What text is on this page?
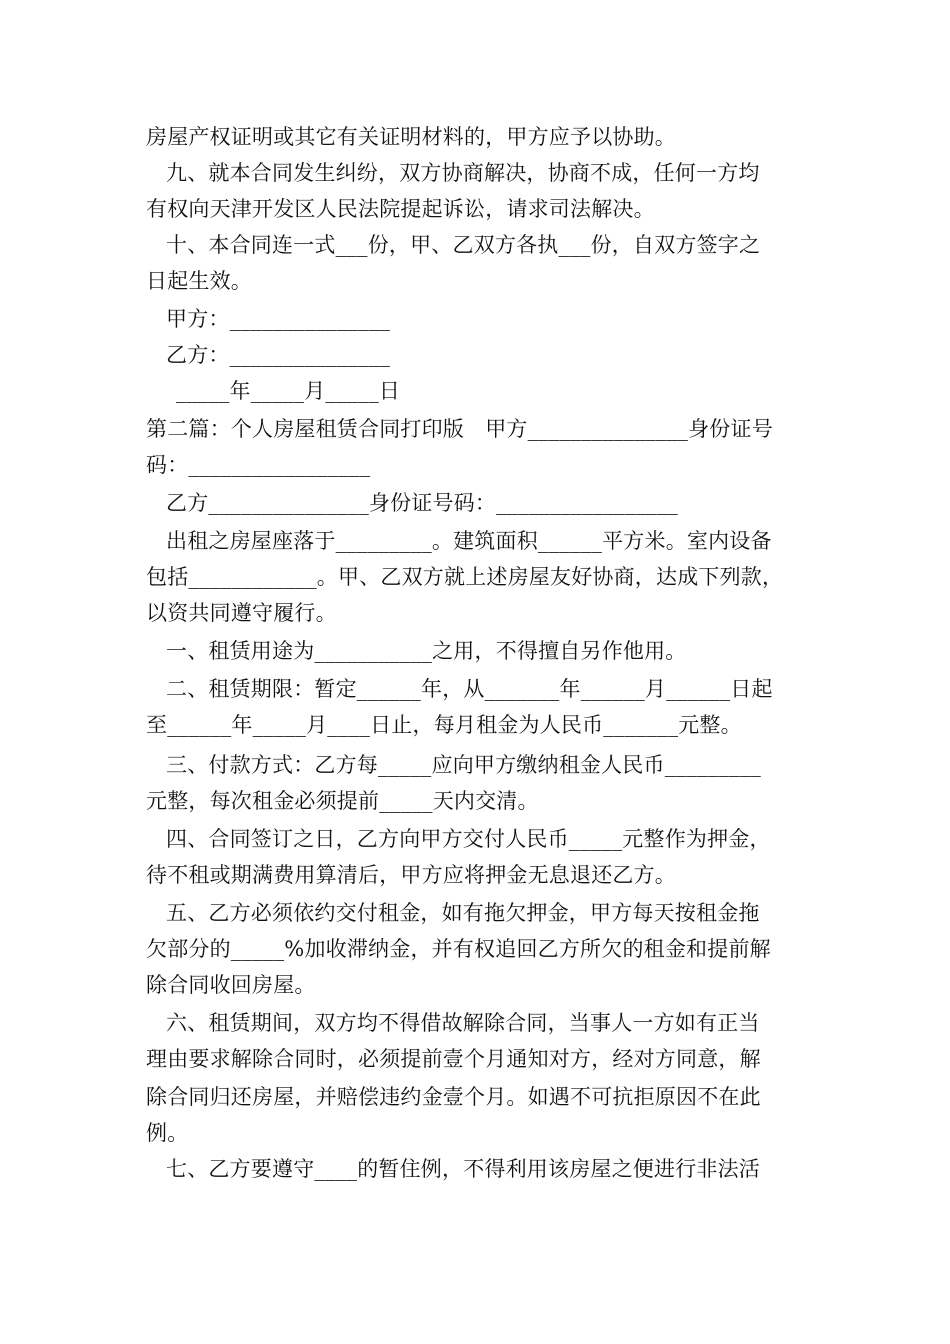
房屋产权证明或其它有关证明材料的，甲方应予以协助。

九、就本合同发生纠纷，双方协商解决，协商不成，任何一方均

有权向天津开发区人民法院提起诉讼，请求司法解决。

十、本合同连一式___份，甲、乙双方各执___份，自双方签字之

日起生效。

甲方：_______________

乙方：_______________

_____年_____月_____日

第二篇：个人房屋租赁合同打印版　甲方_______________身份证号

码：_________________

乙方_______________身份证号码：_________________

出租之房屋座落于_________。建筑面积______平方米。室内设备

包括____________。甲、乙双方就上述房屋友好协商，达成下列款，

以资共同遵守履行。

一、租赁用途为___________之用，不得擅自另作他用。

二、租赁期限：暂定______年，从_______年______月______日起

至______年_____月____日止，每月租金为人民币_______元整。

三、付款方式：乙方每_____应向甲方缴纳租金人民币_________

元整，每次租金必须提前_____天内交清。

四、合同签订之日，乙方向甲方交付人民币_____元整作为押金，

待不租或期满费用算清后，甲方应将押金无息退还乙方。

五、乙方必须依约交付租金，如有拖欠押金，甲方每天按租金拖

欠部分的_____%加收滞纳金，并有权追回乙方所欠的租金和提前解

除合同收回房屋。

六、租赁期间，双方均不得借故解除合同，当事人一方如有正当

理由要求解除合同时，必须提前壹个月通知对方，经对方同意，解

除合同归还房屋，并赔偿违约金壹个月。如遇不可抗拒原因不在此

例。

七、乙方要遵守____的暂住例，不得利用该房屋之便进行非法活
